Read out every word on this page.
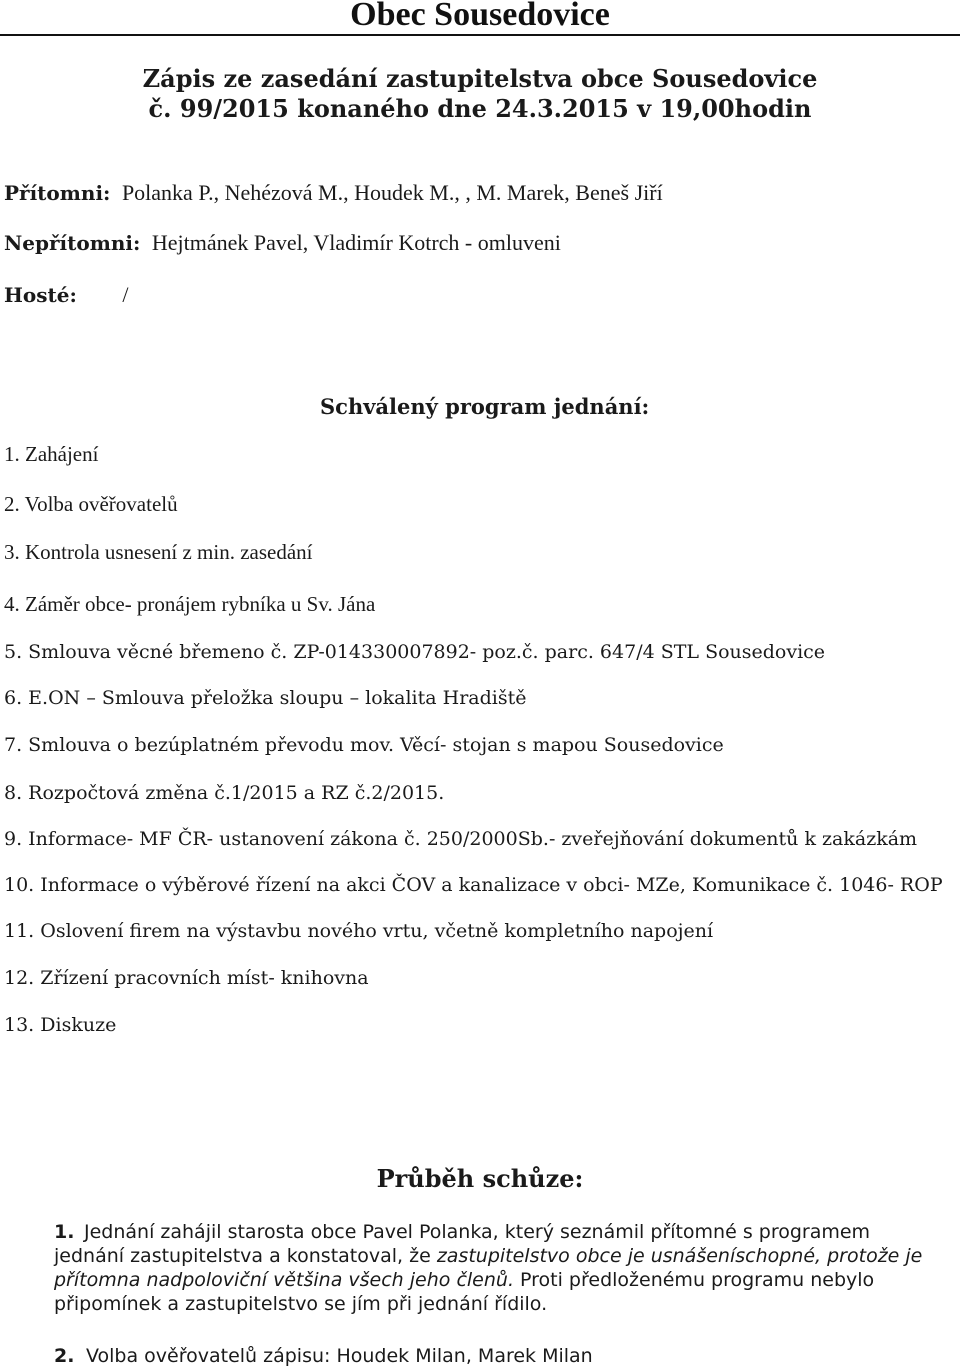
Obec Sousedovice
Zápis ze zasedání zastupitelstva obce Sousedovice
č. 99/2015 konaného dne 24.3.2015 v 19,00hodin
Přítomni: Polanka P., Nehézová M., Houdek M., , M. Marek, Beneš Jiří
Nepřítomni: Hejtmánek Pavel, Vladimír Kotrch - omluveni
Hosté: /
Schválený program jednání:
1. Zahájení
2. Volba ověřovatelů
3. Kontrola usnesení z min. zasedání
4. Záměr obce- pronájem rybníka u Sv. Jána
5. Smlouva věcné břemeno č. ZP-014330007892- poz.č. parc. 647/4 STL Sousedovice
6. E.ON – Smlouva přeložka sloupu – lokalita Hradiště
7. Smlouva o bezúplatném převodu mov. Věcí- stojan s mapou Sousedovice
8. Rozpočtová změna č.1/2015 a RZ č.2/2015.
9. Informace- MF ČR- ustanovení zákona č. 250/2000Sb.- zveřejňování dokumentů k zakázkám
10. Informace o výběrové řízení na akci ČOV a kanalizace v obci- MZe, Komunikace č. 1046- ROP
11. Oslovení firem na výstavbu nového vrtu, včetně kompletního napojení
12. Zřízení pracovních míst- knihovna
13. Diskuze
Průběh schůze:
1. Jednání zahájil starosta obce Pavel Polanka, který seznámil přítomné s programem
jednání zastupitelstva a konstatoval, že zastupitelstvo obce je usnášeníschopné, protože je
přítomna nadpoloviční většina všech jeho členů. Proti předloženému programu nebylo
připomínek a zastupitelstvo se jím při jednání řídilo.
2. Volba ověřovatelů zápisu: Houdek Milan, Marek Milan
